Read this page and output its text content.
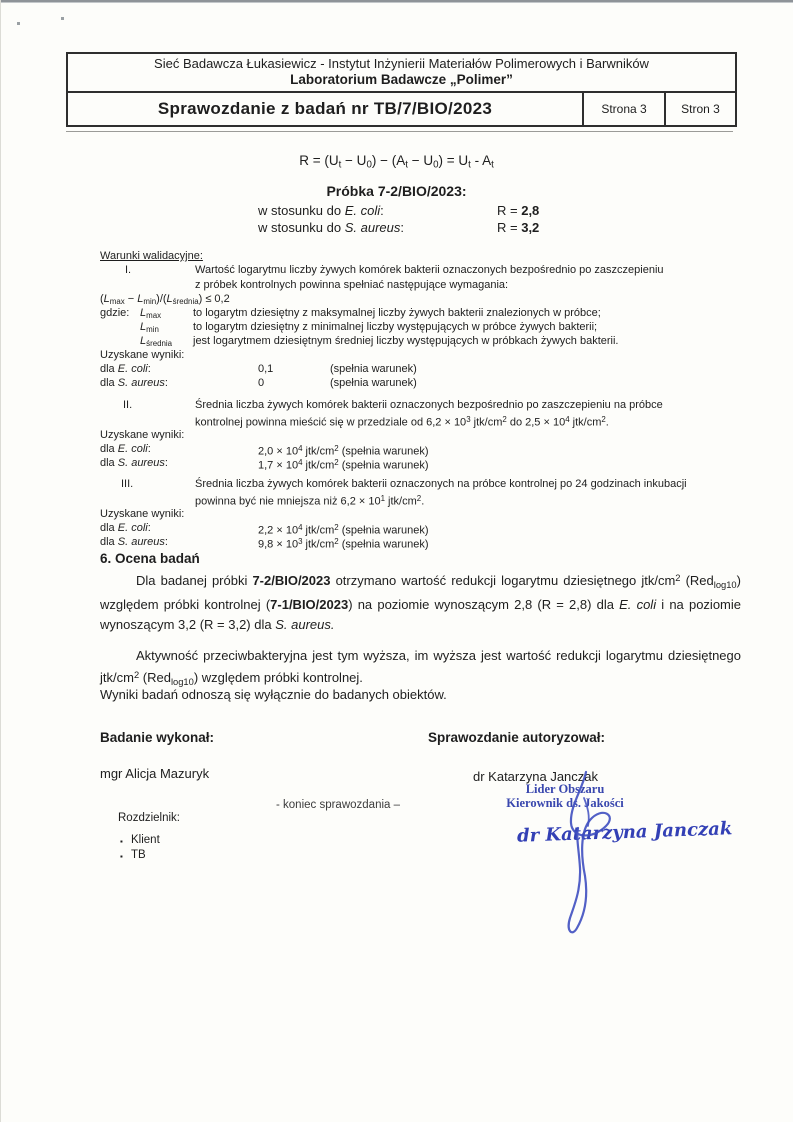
Sieć Badawcza Łukasiewicz - Instytut Inżynierii Materiałów Polimerowych i Barwników
Laboratorium Badawcze „Polimer”
Sprawozdanie z badań nr TB/7/BIO/2023	Strona 3	Stron 3
$R = (U_t - U_0) - (A_t - U_0) = U_t - A_t$
Próbka 7-2/BIO/2023:
w stosunku do E. coli:	R = 2,8
w stosunku do S. aureus:	R = 3,2
Warunki walidacyjne:
I.	Wartość logarytmu liczby żywych komórek bakterii oznaczonych bezpośrednio po zaszczepieniu
z próbek kontrolnych powinna spełniać następujące wymagania:
$(L_{max} - L_{min})/(L_{średnia}) \le 0,2$
gdzie: $L_{max}$	to logarytm dziesiętny z maksymalnej liczby żywych bakterii znalezionych w próbce;
$L_{min}$	to logarytm dziesiętny z minimalnej liczby występujących w próbce żywych bakterii;
$L_{średnia}$ jest logarytmem dziesiętnym średniej liczby występujących w próbkach żywych bakterii.
Uzyskane wyniki:
dla E. coli:	0,1	(spełnia warunek)
dla S. aureus:	0	(spełnia warunek)
II.	Średnia liczba żywych komórek bakterii oznaczonych bezpośrednio po zaszczepieniu na próbce
kontrolnej powinna mieścić się w przedziale od $6,2 \times 10^3$ jtk/$cm^2$ do $2,5 \times 10^4$ jtk/$cm^2$.
Uzyskane wyniki:
dla E. coli:	$2,0 \times 10^4$ jtk/$cm^2$ (spełnia warunek)
dla S. aureus:	$1,7 \times 10^4$ jtk/$cm^2$ (spełnia warunek)
III.	Średnia liczba żywych komórek bakterii oznaczonych na próbce kontrolnej po 24 godzinach inkubacji
powinna być nie mniejsza niż $6,2 \times 10^1$ jtk/$cm^2$.
Uzyskane wyniki:
dla E. coli:	$2,2 \times 10^4$ jtk/$cm^2$ (spełnia warunek)
dla S. aureus:	$9,8 \times 10^3$ jtk/$cm^2$ (spełnia warunek)
6. Ocena badań
Dla badanej próbki 7-2/BIO/2023 otrzymano wartość redukcji logarytmu dziesiętnego jtk/$cm^2$ (Red$_{log10}$) względem próbki kontrolnej (7-1/BIO/2023) na poziomie wynoszącym 2,8 (R = 2,8) dla E. coli i na poziomie wynoszącym 3,2 (R = 3,2) dla S. aureus.
Aktywność przeciwbakteryjna jest tym wyższa, im wyższa jest wartość redukcji logarytmu dziesiętnego jtk/$cm^2$ (Red$_{log10}$) względem próbki kontrolnej.
Wyniki badań odnoszą się wyłącznie do badanych obiektów.
Badanie wykonał:	Sprawozdanie autoryzował:
mgr Alicja Mazuryk	dr Katarzyna Janczak
Lider Obszaru
Kierownik ds. Jakości
dr Katarzyna Janczak
- koniec sprawozdania –
Rozdzielnik:
▪ Klient
▪ TB
